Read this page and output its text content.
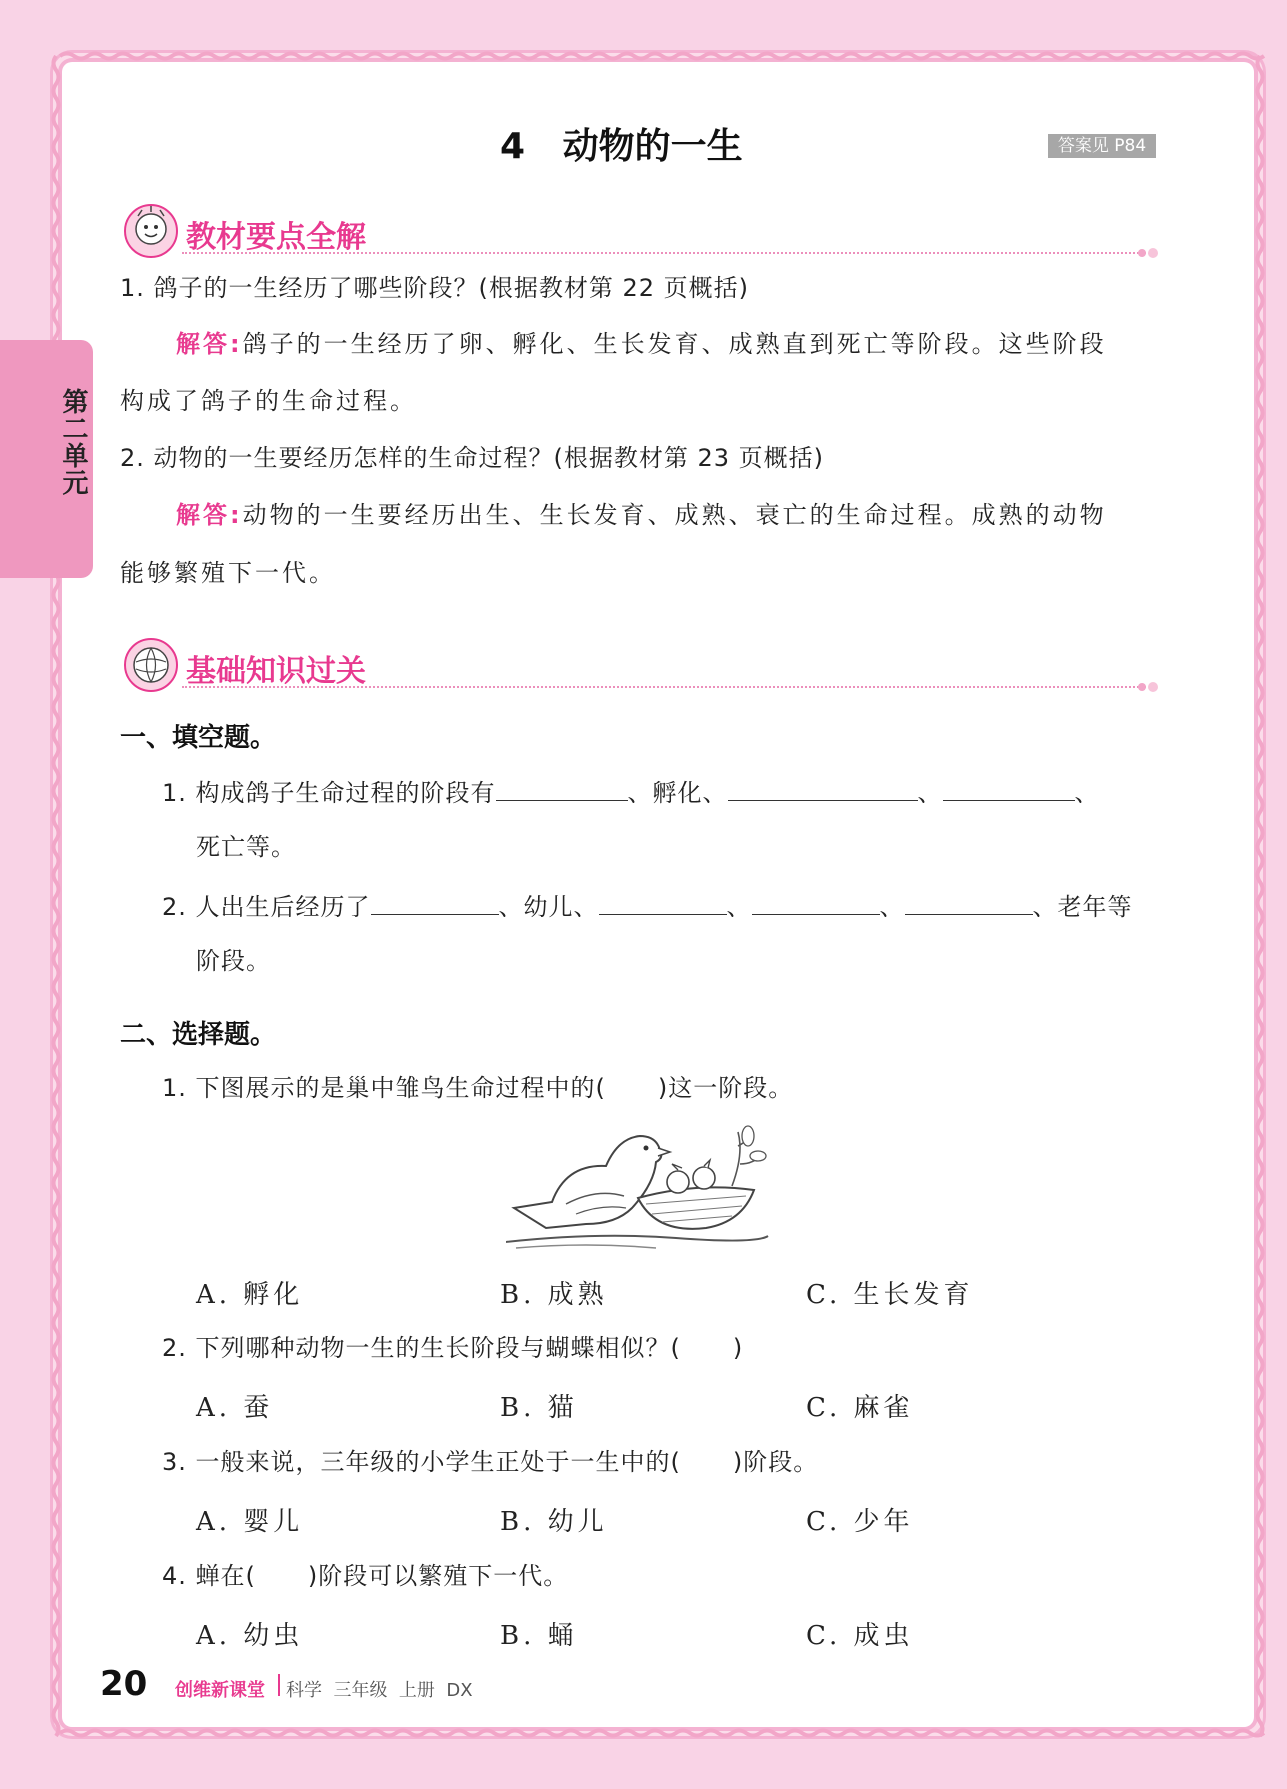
第二单元
4   动物的一生	答案见 P84
教材要点全解
1. 鸽子的一生经历了哪些阶段？(根据教材第 22 页概括)
解答:鸽子的一生经历了卵、孵化、生长发育、成熟直到死亡等阶段。这些阶段
构成了鸽子的生命过程。
2. 动物的一生要经历怎样的生命过程？(根据教材第 23 页概括)
解答:动物的一生要经历出生、生长发育、成熟、衰亡的生命过程。成熟的动物
能够繁殖下一代。
基础知识过关
一、填空题。
1. 构成鸽子生命过程的阶段有	、孵化、	、	、
死亡等。
2. 人出生后经历了	、幼儿、	、	、	、老年等
阶段。
二、选择题。
1. 下图展示的是巢中雏鸟生命过程中的( )这一阶段。
A. 孵化	B. 成熟	C. 生长发育
2. 下列哪种动物一生的生长阶段与蝴蝶相似？( )
A. 蚕	B. 猫	C. 麻雀
3. 一般来说，三年级的小学生正处于一生中的( )阶段。
A. 婴儿	B. 幼儿	C. 少年
4. 蝉在( )阶段可以繁殖下一代。
A. 幼虫	B. 蛹	C. 成虫
20 创维新课堂 科学  三年级  上册  DX
